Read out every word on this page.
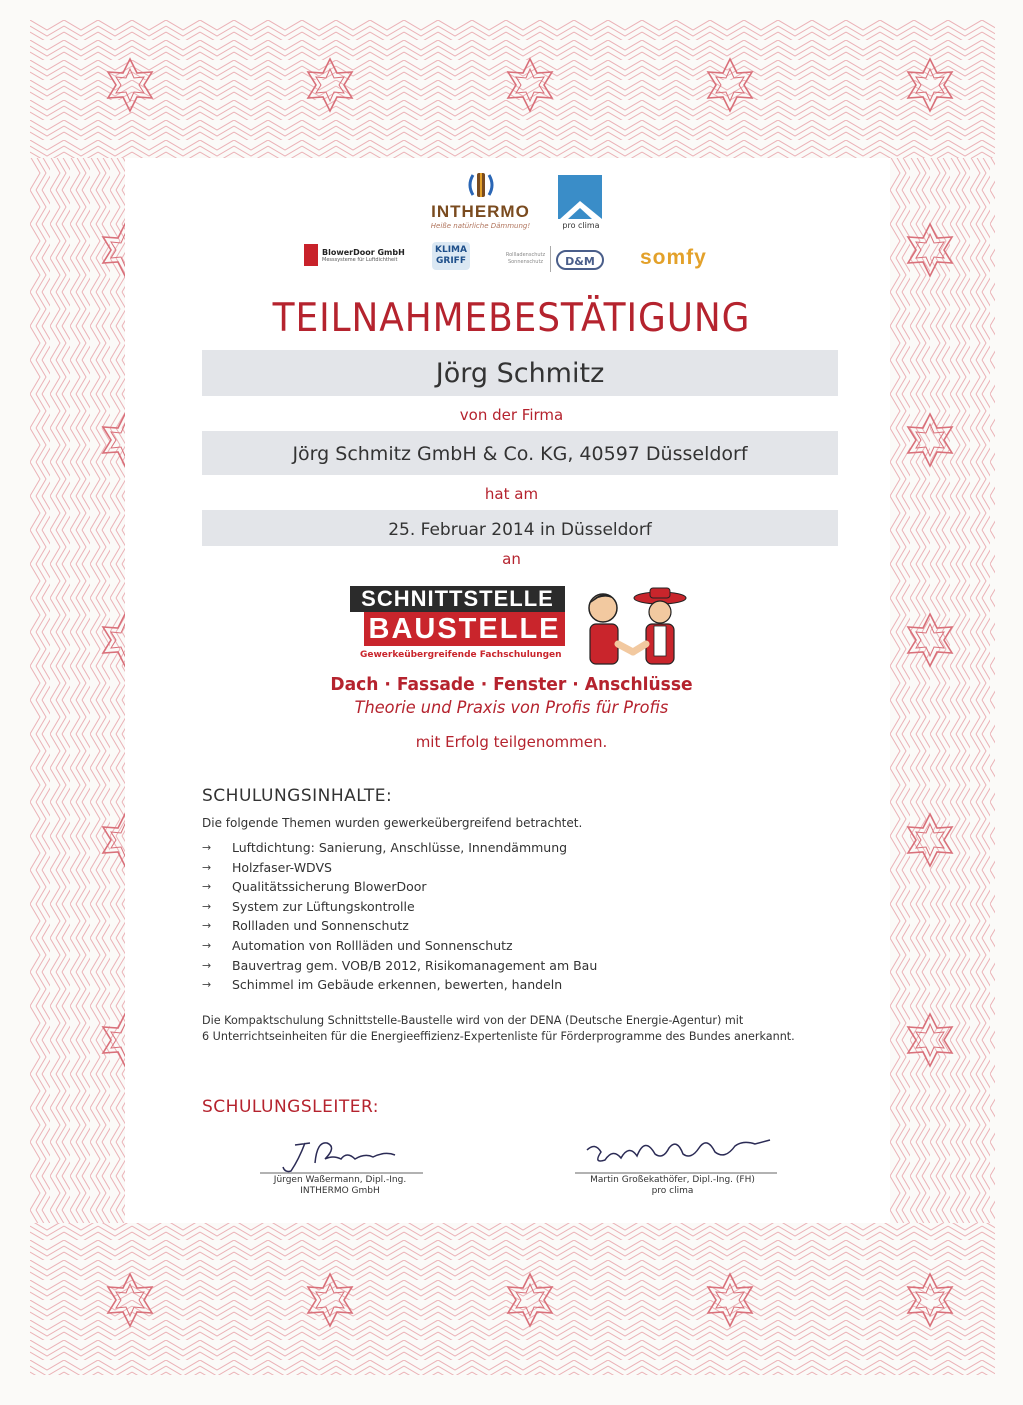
INTHERMO
Heiße natürliche Dämmung!	pro clima
BlowerDoor GmbH
Messsysteme für Luftdichtheit
KLIMA
GRIFF
Rollladenschutz Sonnenschutz	D&M	somfy
TEILNAHMEBESTÄTIGUNG
Jörg Schmitz
von der Firma
Jörg Schmitz GmbH & Co. KG, 40597 Düsseldorf
hat am
25. Februar 2014 in Düsseldorf
an
SCHNITTSTELLE
BAUSTELLE
Gewerkeübergreifende Fachschulungen
Dach · Fassade · Fenster · Anschlüsse
Theorie und Praxis von Profis für Profis
mit Erfolg teilgenommen.
SCHULUNGSINHALTE:
Die folgende Themen wurden gewerkeübergreifend betrachtet.
→	Luftdichtung: Sanierung, Anschlüsse, Innendämmung
→	Holzfaser-WDVS
→	Qualitätssicherung BlowerDoor
→	System zur Lüftungskontrolle
→	Rollladen und Sonnenschutz
→	Automation von Rollläden und Sonnenschutz
→	Bauvertrag gem. VOB/B 2012, Risikomanagement am Bau
→	Schimmel im Gebäude erkennen, bewerten, handeln
Die Kompaktschulung Schnittstelle-Baustelle wird von der DENA (Deutsche Energie-Agentur) mit
6 Unterrichtseinheiten für die Energieeffizienz-Expertenliste für Förderprogramme des Bundes anerkannt.
SCHULUNGSLEITER:
Jürgen Waßermann, Dipl.-Ing.
INTHERMO GmbH
Martin Großekathöfer, Dipl.-Ing. (FH)
pro clima
